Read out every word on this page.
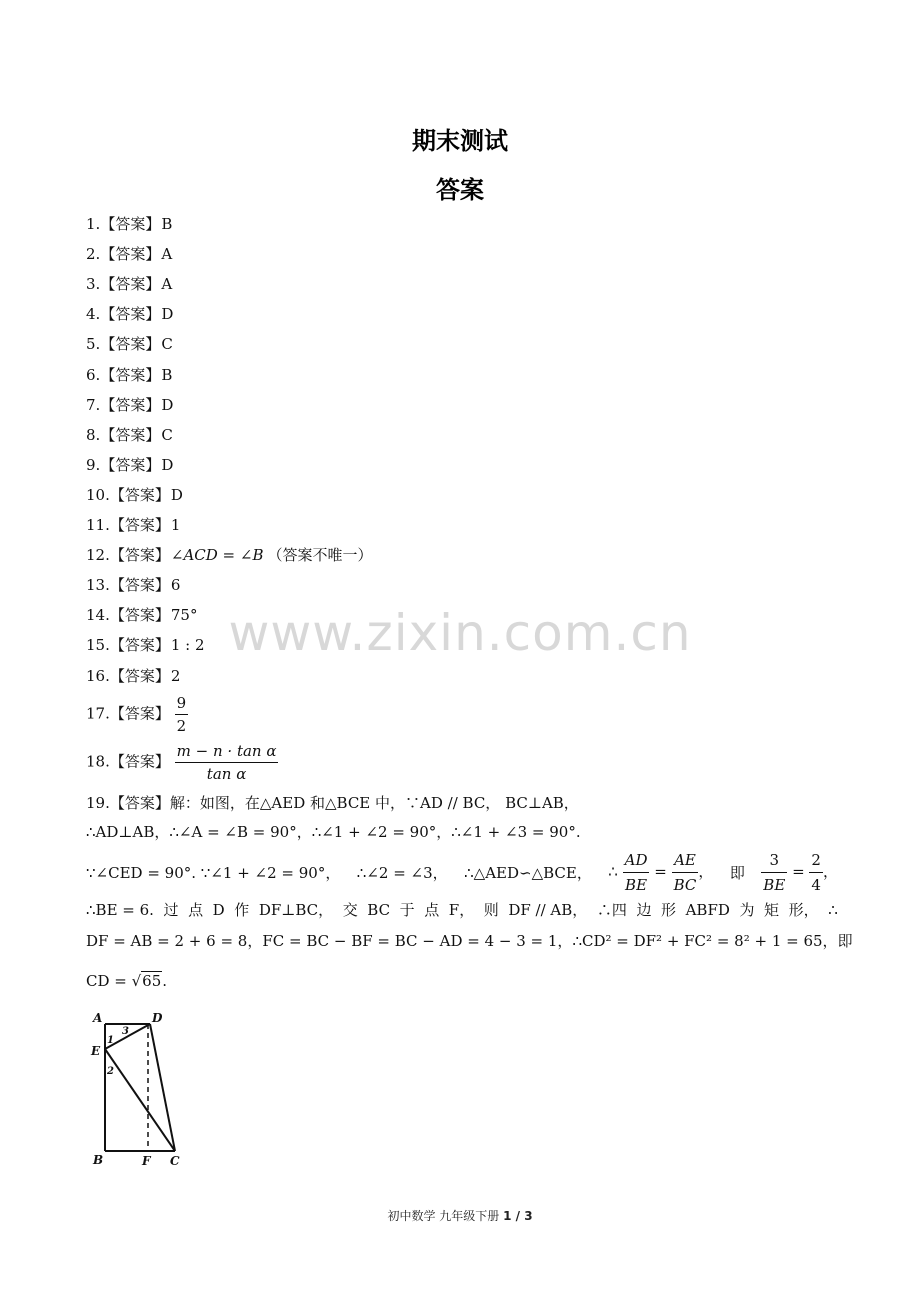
期末测试
答案
1.【答案】B
2.【答案】A
3.【答案】A
4.【答案】D
5.【答案】C
6.【答案】B
7.【答案】D
8.【答案】C
9.【答案】D
10.【答案】D
11.【答案】1
12.【答案】∠ACD = ∠B （答案不唯一）
13.【答案】6
14.【答案】75°
15.【答案】1 : 2
16.【答案】2
17.【答案】 $\frac{9}{2}$
18.【答案】 $\frac{\text{m − n · tan α}}{\text{tan α}}$
19.【答案】解：如图，在△AED 和△BCE 中，∵AD // BC， BC⊥AB，
∴AD⊥AB，∴∠A = ∠B = 90°，∴∠1 + ∠2 = 90°，∴∠1 + ∠3 = 90°.
∵∠CED = 90°. ∵∠1 + ∠2 = 90°， ∴∠2 = ∠3， ∴△AED∽△BCE， ∴ $\frac{AD}{BE} = \frac{AE}{BC}$ ， 即 $\frac{3}{BE} = \frac{2}{4}$ ，
∴BE = 6. 过 点 D 作 DF⊥BC， 交 BC 于 点 F， 则 DF // AB， ∴四 边 形 ABFD 为 矩 形， ∴
DF = AB = 2 + 6 = 8， FC = BC − BF = BC − AD = 4 − 3 = 1， ∴CD² = DF² + FC² = 8² + 1 = 65， 即
CD = √65.
A	D
E
B	F C
1
2
3
www.zixin.com.cn
初中数学 九年级下册 1 / 3
